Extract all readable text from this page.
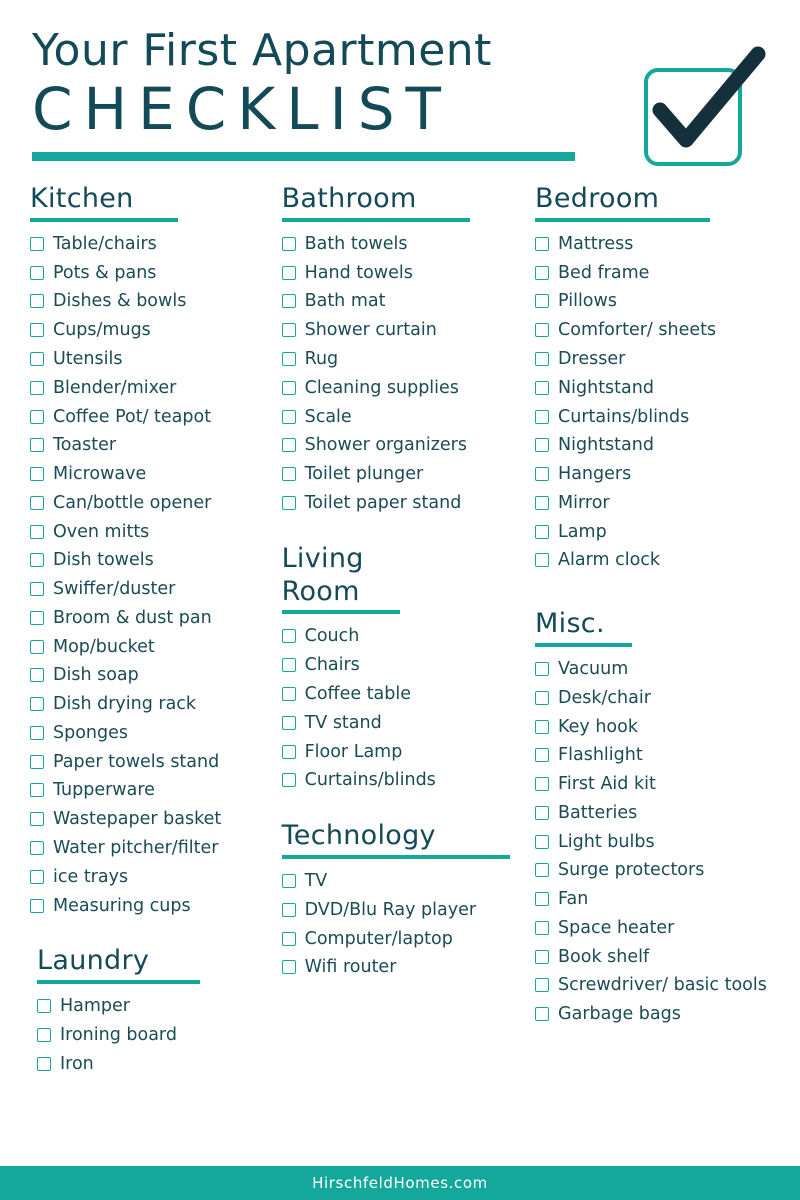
Your First Apartment
CHECKLIST
Kitchen
Table/chairs
Pots & pans
Dishes & bowls
Cups/mugs
Utensils
Blender/mixer
Coffee Pot/ teapot
Toaster
Microwave
Can/bottle opener
Oven mitts
Dish towels
Swiffer/duster
Broom & dust pan
Mop/bucket
Dish soap
Dish drying rack
Sponges
Paper towels stand
Tupperware
Wastepaper basket
Water pitcher/filter
ice trays
Measuring cups
Laundry
Hamper
Ironing board
Iron
Bathroom
Bath towels
Hand towels
Bath mat
Shower curtain
Rug
Cleaning supplies
Scale
Shower organizers
Toilet plunger
Toilet paper stand
Living Room
Couch
Chairs
Coffee table
TV stand
Floor Lamp
Curtains/blinds
Technology
TV
DVD/Blu Ray player
Computer/laptop
Wifi router
Bedroom
Mattress
Bed frame
Pillows
Comforter/ sheets
Dresser
Nightstand
Curtains/blinds
Nightstand
Hangers
Mirror
Lamp
Alarm clock
Misc.
Vacuum
Desk/chair
Key hook
Flashlight
First Aid kit
Batteries
Light bulbs
Surge protectors
Fan
Space heater
Book shelf
Screwdriver/ basic tools
Garbage bags
HirschfeldHomes.com
